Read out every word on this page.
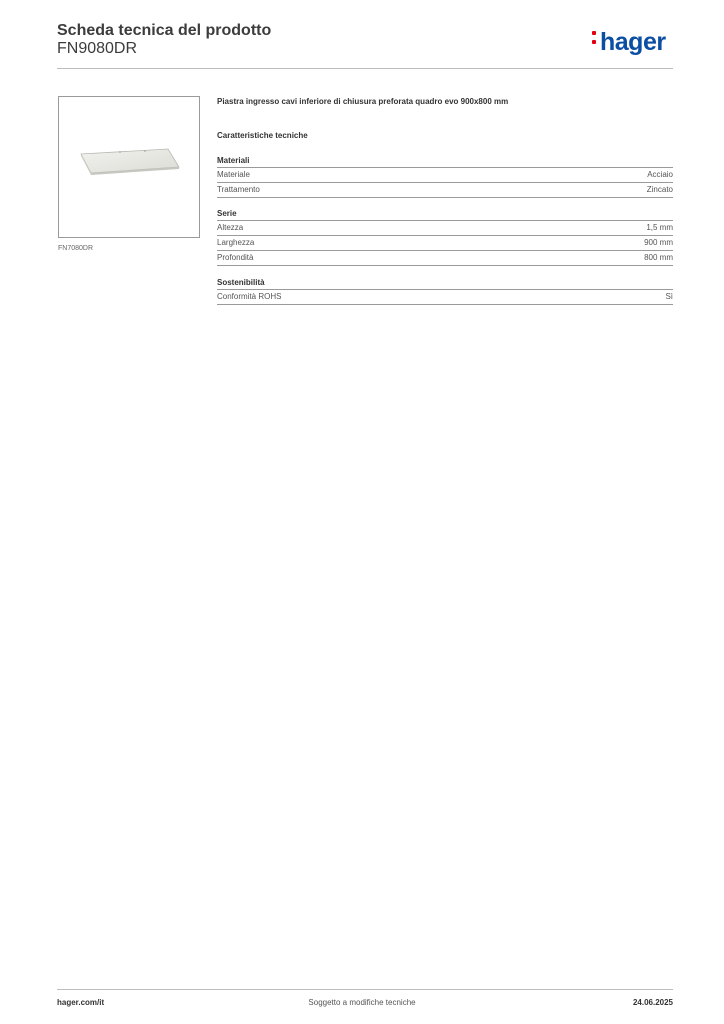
Scheda tecnica del prodotto
FN9080DR	hager
FN7080DR
Piastra ingresso cavi inferiore di chiusura preforata quadro evo 900x800 mm
Caratteristiche tecniche
Materiali
Materiale	Acciaio
Trattamento	Zincato
Serie
Altezza	1,5 mm
Larghezza	900 mm
Profondità	800 mm
Sostenibilità
Conformità ROHS	Sì
hager.com/it	Soggetto a modifiche tecniche	24.06.2025
